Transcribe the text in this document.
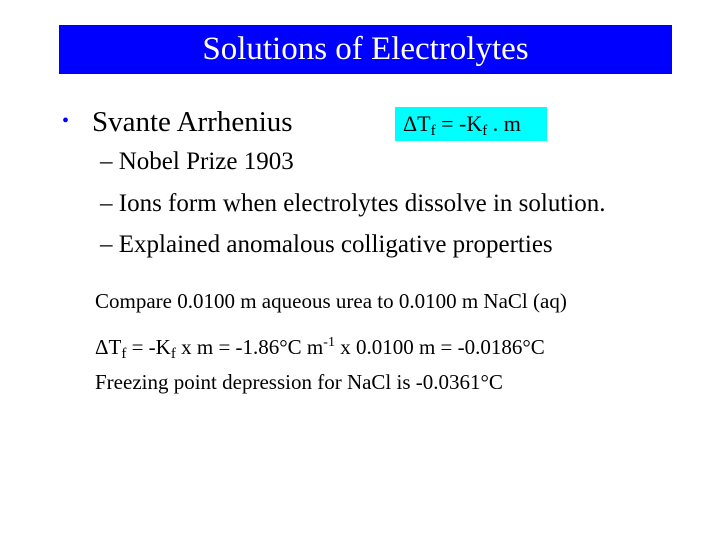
Solutions of Electrolytes
• Svante Arrhenius	$\Delta T_f = -K_f$ . m
– Nobel Prize 1903
– Ions form when electrolytes dissolve in solution.
– Explained anomalous colligative properties
Compare 0.0100 m aqueous urea to 0.0100 m NaCl (aq)
$\Delta T_f = -K_f$ x m = -1.86°C $m^{-1}$ x 0.0100 m = -0.0186°C
Freezing point depression for NaCl is -0.0361°C
